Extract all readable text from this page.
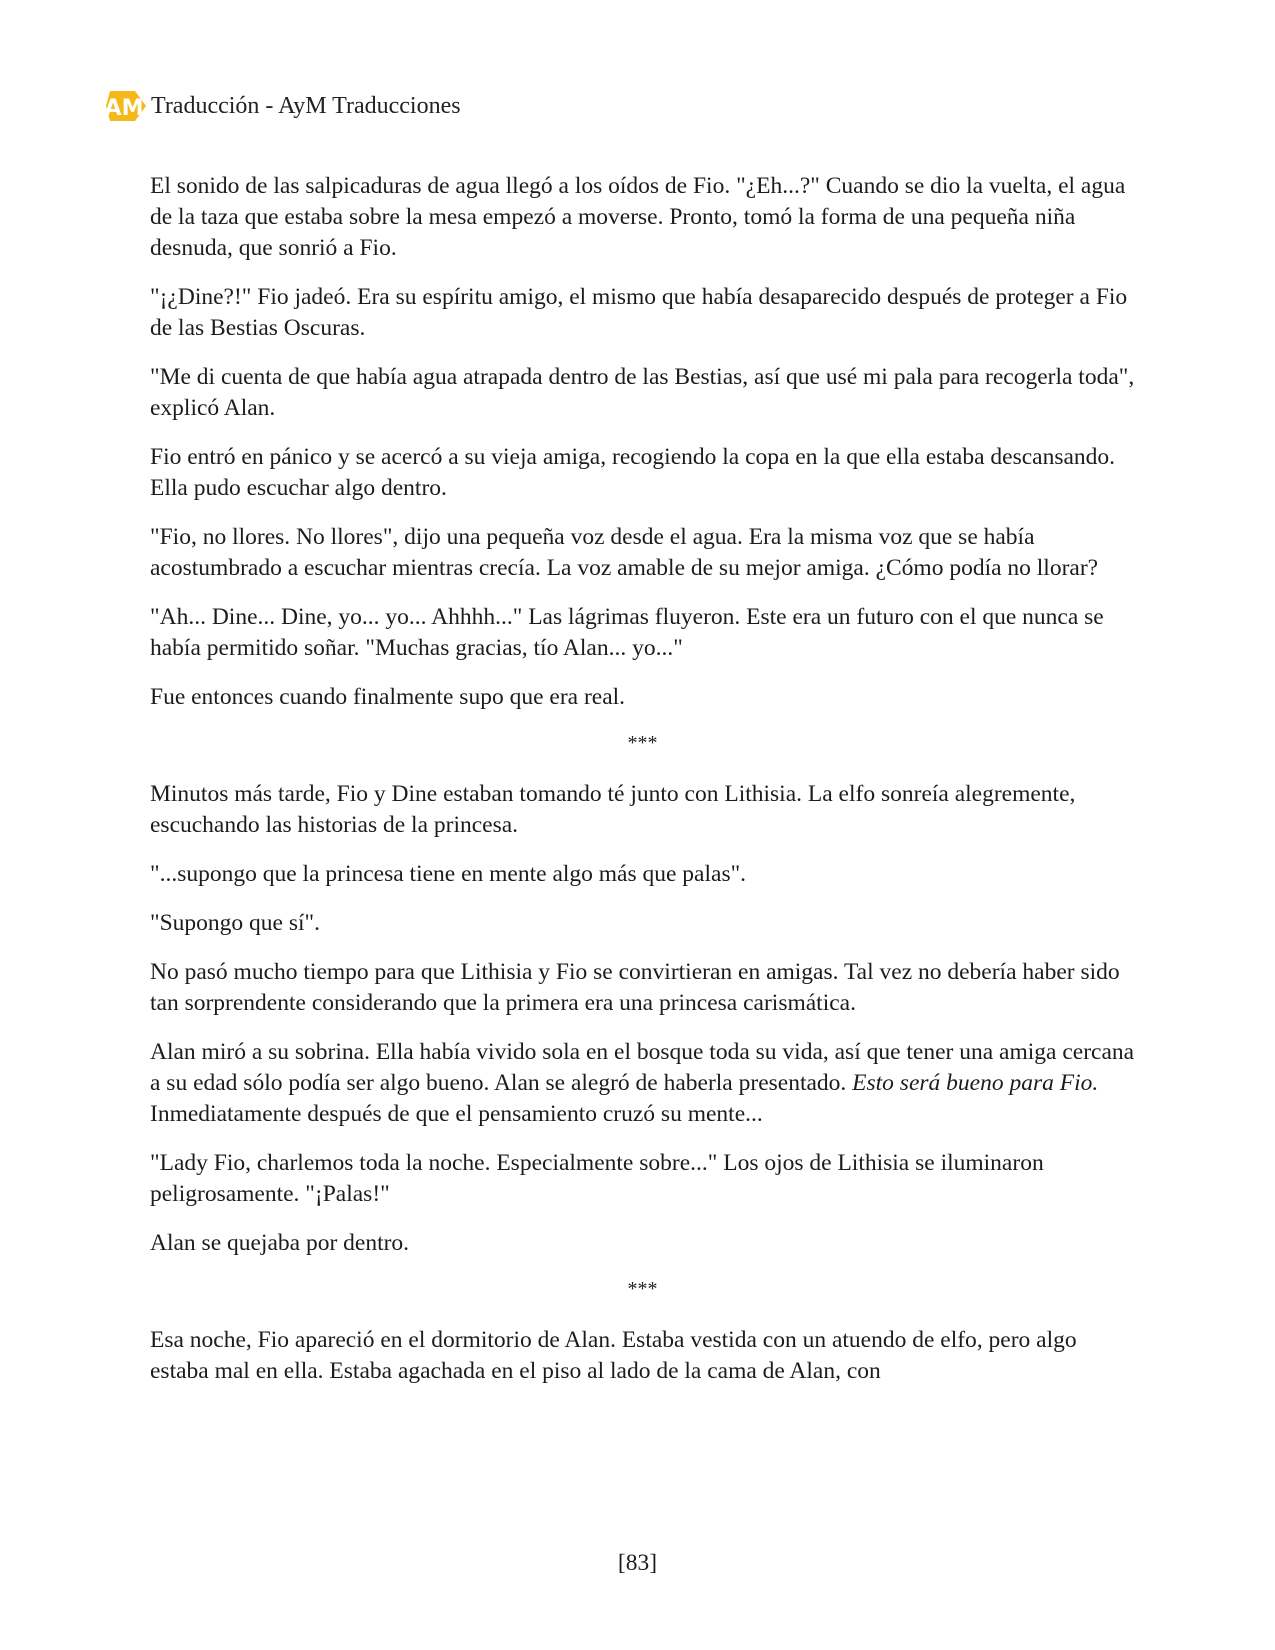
AM Traducción - AyM Traducciones

El sonido de las salpicaduras de agua llegó a los oídos de Fio. "¿Eh...?" Cuando se dio la vuelta, el agua de la taza que estaba sobre la mesa empezó a moverse. Pronto, tomó la forma de una pequeña niña desnuda, que sonrió a Fio.

"¡¿Dine?!" Fio jadeó. Era su espíritu amigo, el mismo que había desaparecido después de proteger a Fio de las Bestias Oscuras.

"Me di cuenta de que había agua atrapada dentro de las Bestias, así que usé mi pala para recogerla toda", explicó Alan.

Fio entró en pánico y se acercó a su vieja amiga, recogiendo la copa en la que ella estaba descansando. Ella pudo escuchar algo dentro.

"Fio, no llores. No llores", dijo una pequeña voz desde el agua. Era la misma voz que se había acostumbrado a escuchar mientras crecía. La voz amable de su mejor amiga. ¿Cómo podía no llorar?

"Ah... Dine... Dine, yo... yo... Ahhhh..." Las lágrimas fluyeron. Este era un futuro con el que nunca se había permitido soñar. "Muchas gracias, tío Alan... yo..."

Fue entonces cuando finalmente supo que era real.

***

Minutos más tarde, Fio y Dine estaban tomando té junto con Lithisia. La elfo sonreía alegremente, escuchando las historias de la princesa.

"...supongo que la princesa tiene en mente algo más que palas".

"Supongo que sí".

No pasó mucho tiempo para que Lithisia y Fio se convirtieran en amigas. Tal vez no debería haber sido tan sorprendente considerando que la primera era una princesa carismática.

Alan miró a su sobrina. Ella había vivido sola en el bosque toda su vida, así que tener una amiga cercana a su edad sólo podía ser algo bueno. Alan se alegró de haberla presentado. Esto será bueno para Fio. Inmediatamente después de que el pensamiento cruzó su mente...

"Lady Fio, charlemos toda la noche. Especialmente sobre..." Los ojos de Lithisia se iluminaron peligrosamente. "¡Palas!"

Alan se quejaba por dentro.

***

Esa noche, Fio apareció en el dormitorio de Alan. Estaba vestida con un atuendo de elfo, pero algo estaba mal en ella. Estaba agachada en el piso al lado de la cama de Alan, con

[83]
